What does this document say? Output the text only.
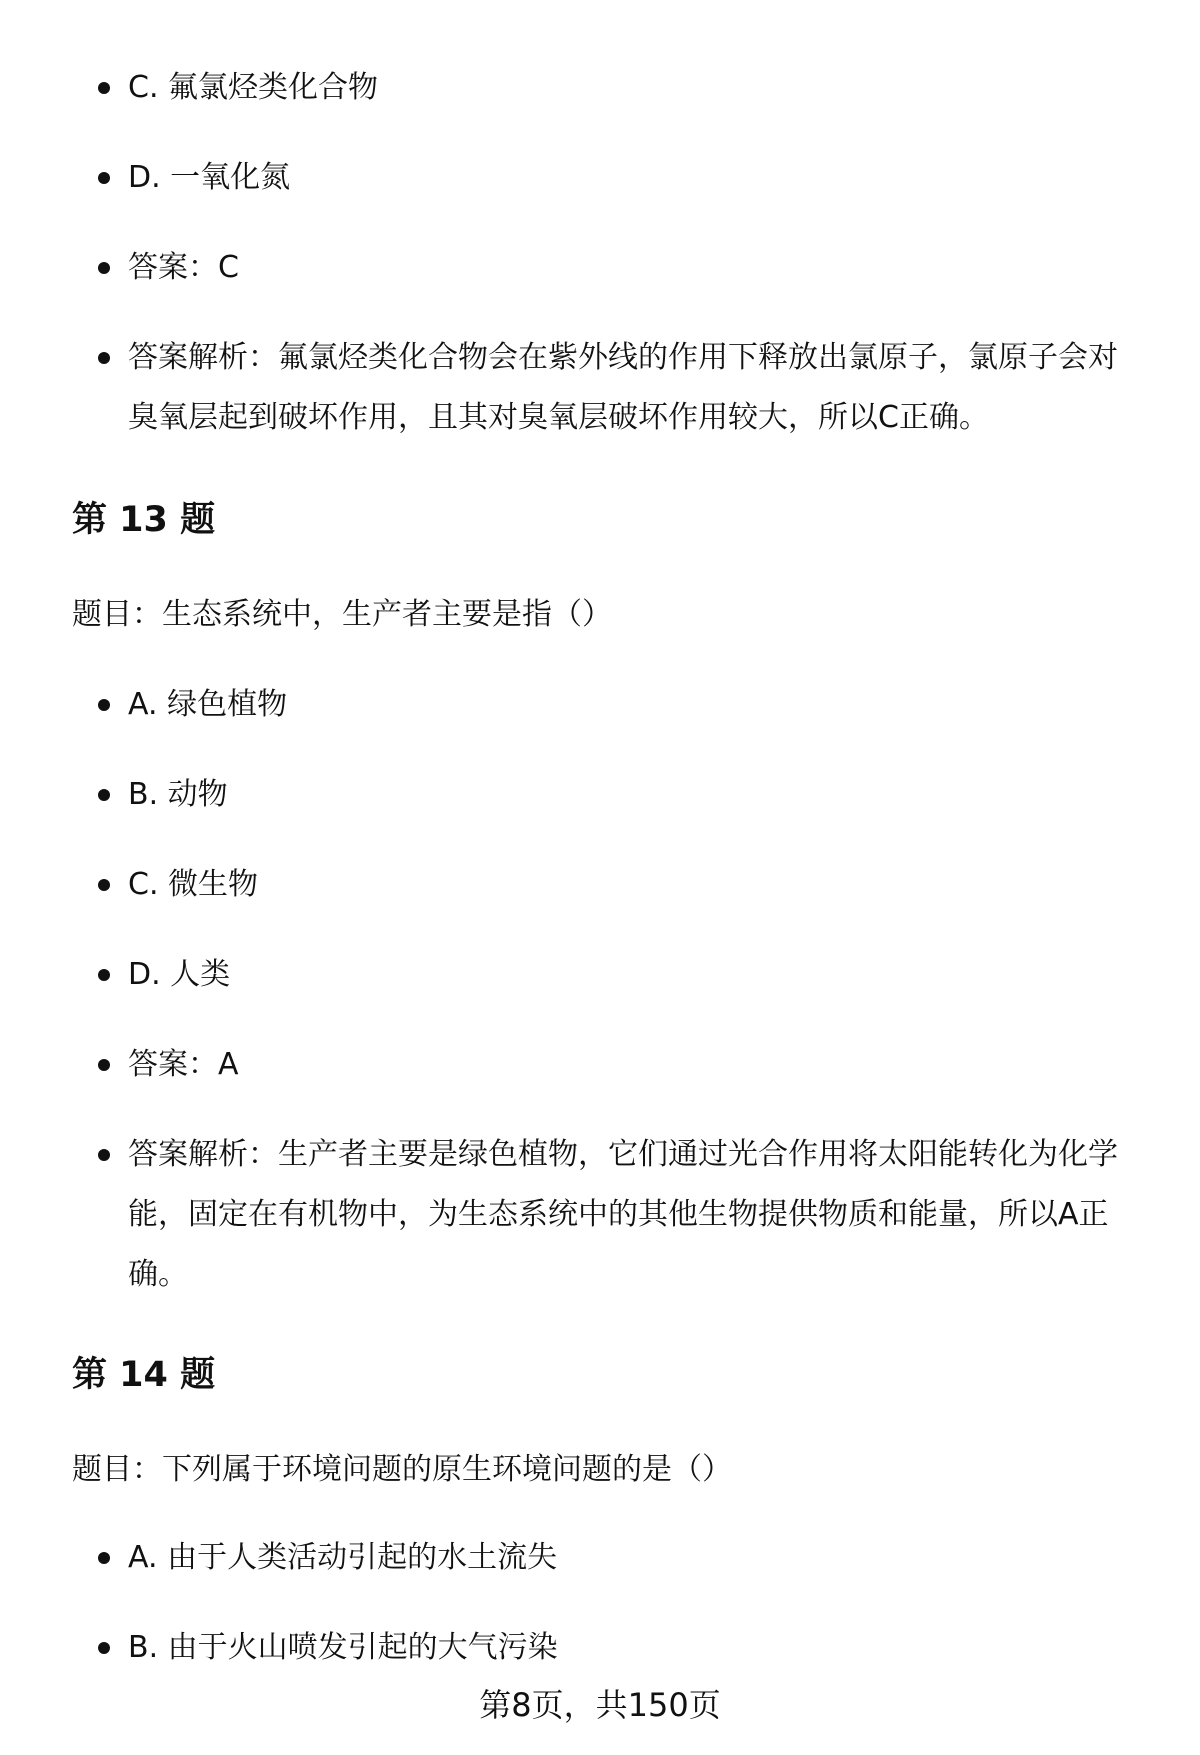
C. 氟氯烃类化合物
D. 一氧化氮
答案：C
答案解析：氟氯烃类化合物会在紫外线的作用下释放出氯原子，氯原子会对臭氧层起到破坏作用，且其对臭氧层破坏作用较大，所以C正确。
第 13 题
题目：生态系统中，生产者主要是指（）
A. 绿色植物
B. 动物
C. 微生物
D. 人类
答案：A
答案解析：生产者主要是绿色植物，它们通过光合作用将太阳能转化为化学能，固定在有机物中，为生态系统中的其他生物提供物质和能量，所以A正确。
第 14 题
题目：下列属于环境问题的原生环境问题的是（）
A. 由于人类活动引起的水土流失
B. 由于火山喷发引起的大气污染
第8页，共150页
